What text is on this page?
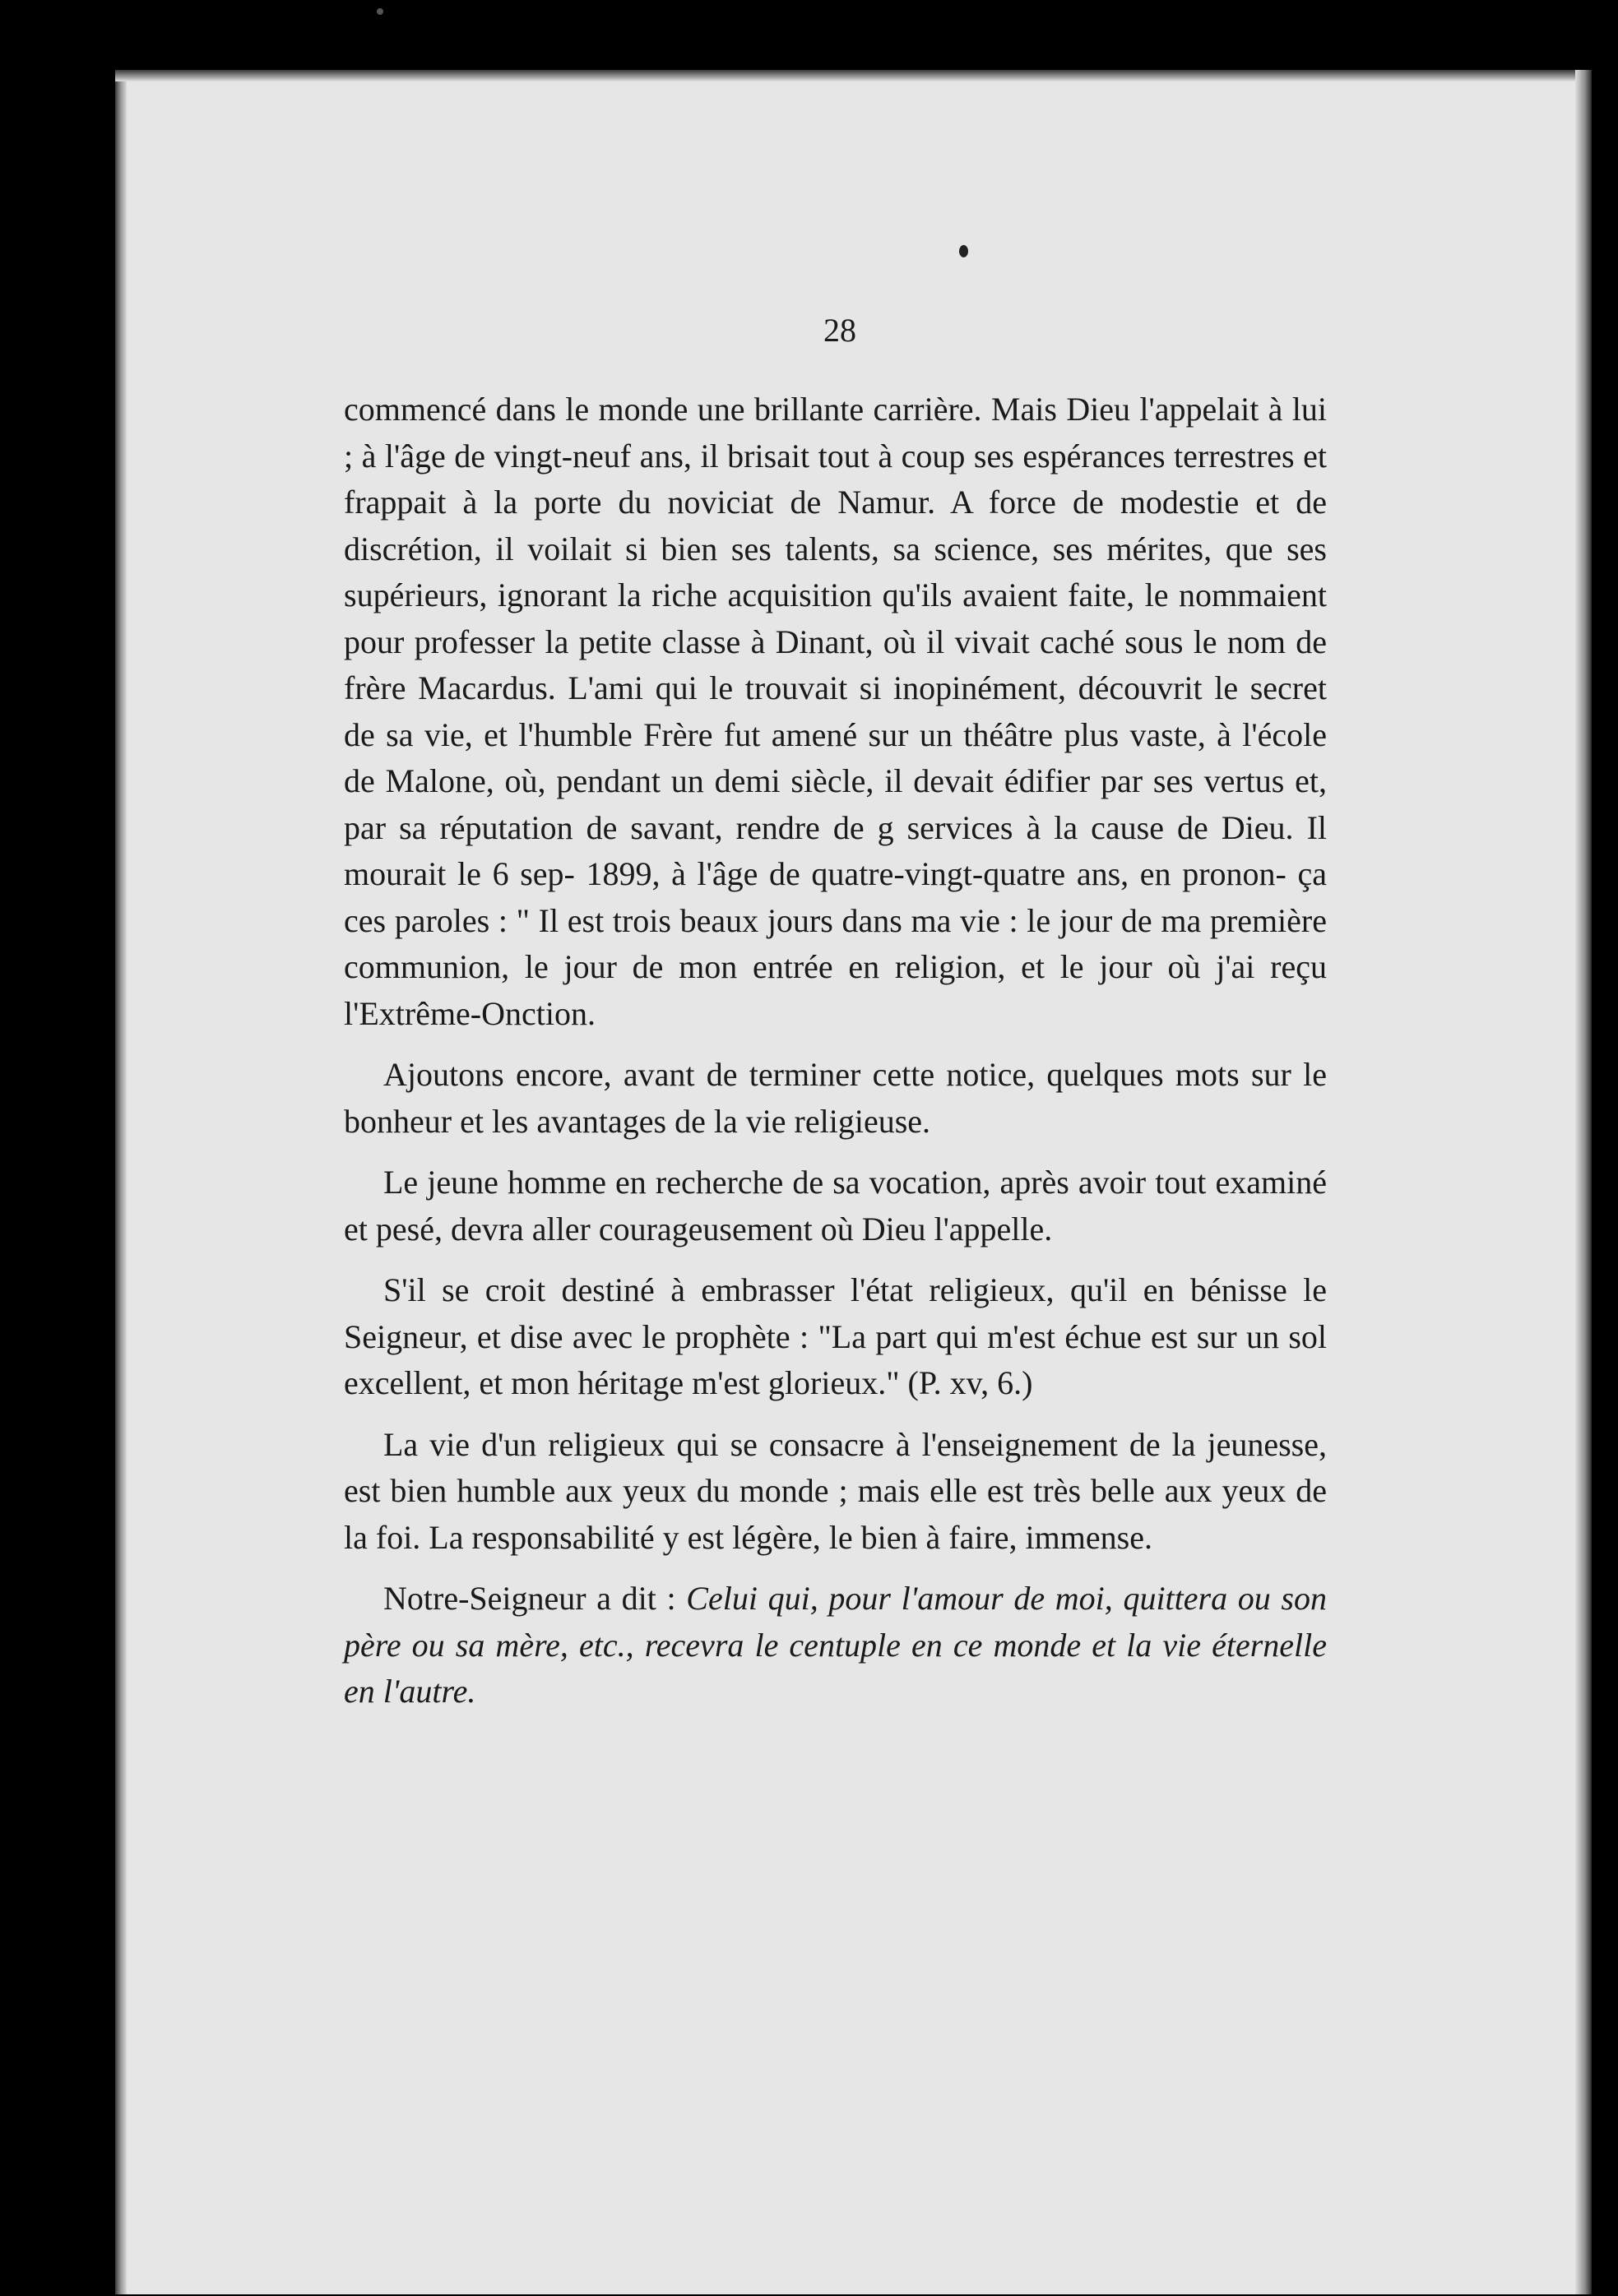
28

commencé dans le monde une brillante carrière. Mais Dieu l'appelait à lui ; à l'âge de vingt-neuf ans, il brisait tout à coup ses espérances terrestres et frappait à la porte du noviciat de Namur. A force de modestie et de discrétion, il voilait si bien ses talents, sa science, ses mérites, que ses supérieurs, ignorant la riche acquisition qu'ils avaient faite, le nommaient pour professer la petite classe à Dinant, où il vivait caché sous le nom de frère Macardus. L'ami qui le trouvait si inopinément, découvrit le secret de sa vie, et l'humble Frère fut amené sur un théâtre plus vaste, à l'école de Malone, où, pendant un demi siècle, il devait édifier par ses vertus et, par sa réputation de savant, rendre de g services à la cause de Dieu. Il mourait le 6 sep- 1899, à l'âge de quatre-vingt-quatre ans, en pronon- ça ces paroles : " Il est trois beaux jours dans ma vie : le jour de ma première communion, le jour de mon entrée en religion, et le jour où j'ai reçu l'Extrême-Onction.

Ajoutons encore, avant de terminer cette notice, quelques mots sur le bonheur et les avantages de la vie religieuse.

Le jeune homme en recherche de sa vocation, après avoir tout examiné et pesé, devra aller courageusement où Dieu l'appelle.

S'il se croit destiné à embrasser l'état religieux, qu'il en bénisse le Seigneur, et dise avec le prophète : "La part qui m'est échue est sur un sol excellent, et mon héritage m'est glorieux." (P. xv, 6.)

La vie d'un religieux qui se consacre à l'enseignement de la jeunesse, est bien humble aux yeux du monde ; mais elle est très belle aux yeux de la foi. La responsabilité y est légère, le bien à faire, immense.

Notre-Seigneur a dit : Celui qui, pour l'amour de moi, quittera ou son père ou sa mère, etc., recevra le centuple en ce monde et la vie éternelle en l'autre.
